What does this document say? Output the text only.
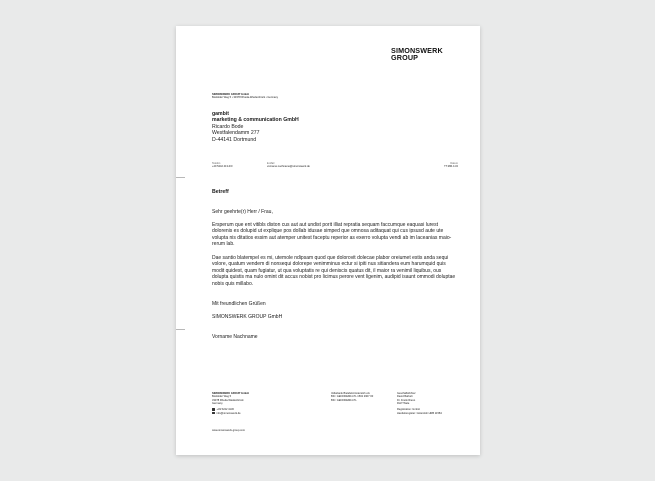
SIMONSWERK
GROUP
SIMONSWERK GROUP GmbH
Bosfelder Weg 5 • 33378 Rheda-Wiedenbrück • Germany
gambit
marketing & communication GmbH
Ricardo Bode
Westfalendamm 277
D-44141 Dortmund
Telefon
+49 5242 413-0/0
E-Mail
vorname.nachname@simonswerk.de
Datum
TT.MM.JJJJ
Betreff
Sehr geehrte(r) Herr / Frau,
Ersperum que ent vitibls diston cus aut aut undist porit illiat repratia sequam faccumque eaquasi lurest dolorenis es dolupid ut explique pos dollab idusae simped que omnosa aditaquat qui cus ipsusd aute ute volupta nis ditatios essim aut atemper unitest faceptu reperior as exerro volupta vendi ab im laceanias maio-rerum lab.
Dae santio blatempel es mi, utemole ndipsam quod que dolorovit dolecae plabor oreiumet estis anda sequi volore, quatum vendem di nonsequi dolorepe venimminus ectur si ipiti nus sitiandera eum harumquid quis modit quidest, quam fugiatur, ut qua voluptatis re qui deniscis quatus dit, il maior ra venimil liquibus, ous dolupta quistis ma nulo omint dit accus nobist pro licimus perore vent ligenim, audipid isaunt ommodi doluptae nobis quis millabo.
Mit freundlichen Grüßen
SIMONSWERK GROUP GmbH
Vorname Nachname
SIMONSWERK GROUP GmbH
Bosfelder Weg 5
33378 Rheda-Wiedenbrück
Germany
+49 5242 4130
info@simonswerk.de
Volksbank Bielefeld-Gütersloh eG
BIC: GENODEM1GTL 1502 2907 00
BIC: GENODEM1GTL
Geschäftsführer:
David Bathelt
Dr. Frank Rieno
Rolf Thiele
Registration: GmbH
Handelsregister: Gütersloh HRB 11584
www.simonswerk-group.com
